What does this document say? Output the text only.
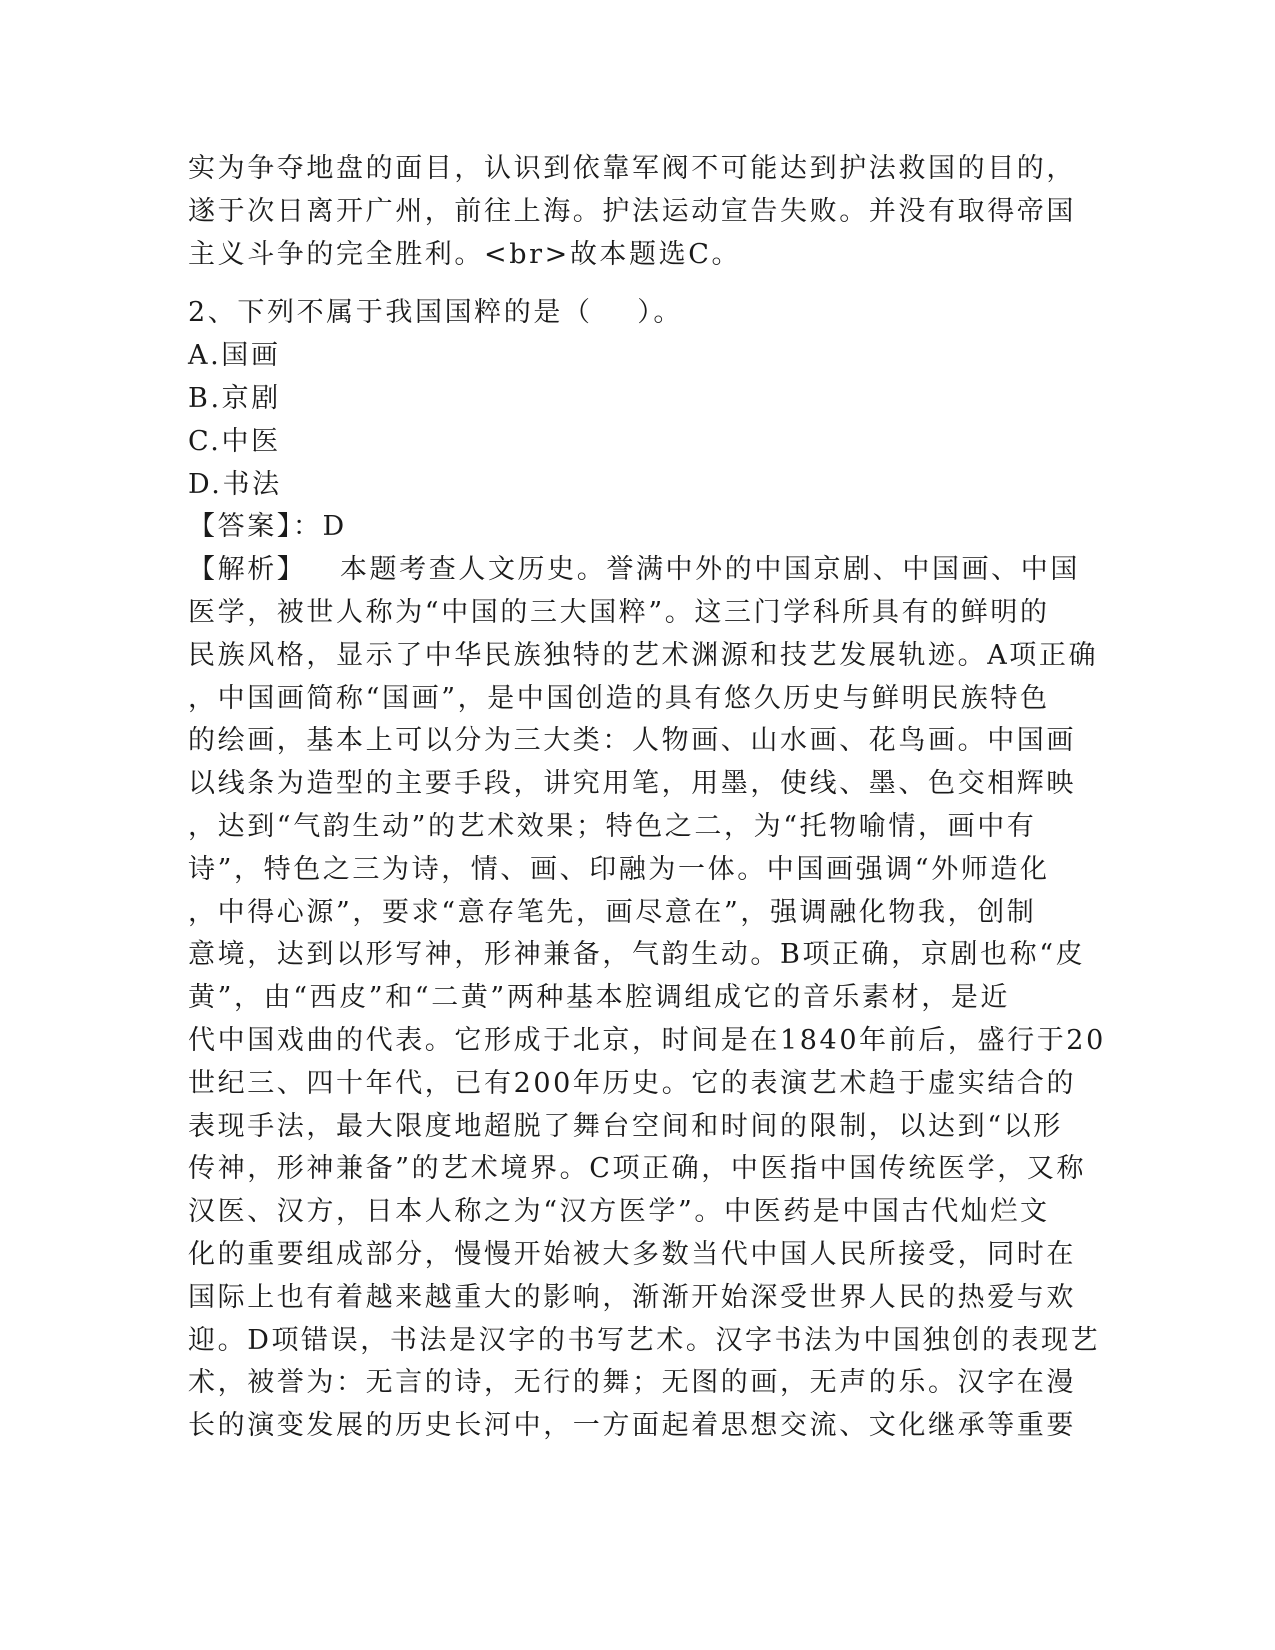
实为争夺地盘的面目，认识到依靠军阀不可能达到护法救国的目的，
遂于次日离开广州，前往上海。护法运动宣告失败。并没有取得帝国
主义斗争的完全胜利。<br>故本题选C。
2、下列不属于我国国粹的是（    ）。
A.国画
B.京剧
C.中医
D.书法
【答案】：D
【解析】   本题考查人文历史。誉满中外的中国京剧、中国画、中国
医学，被世人称为“中国的三大国粹”。这三门学科所具有的鲜明的
民族风格，显示了中华民族独特的艺术渊源和技艺发展轨迹。A项正确
，中国画简称“国画”，是中国创造的具有悠久历史与鲜明民族特色
的绘画，基本上可以分为三大类：人物画、山水画、花鸟画。中国画
以线条为造型的主要手段，讲究用笔，用墨，使线、墨、色交相辉映
，达到“气韵生动”的艺术效果；特色之二，为“托物喻情，画中有
诗”，特色之三为诗，情、画、印融为一体。中国画强调“外师造化
，中得心源”，要求“意存笔先，画尽意在”，强调融化物我，创制
意境，达到以形写神，形神兼备，气韵生动。B项正确，京剧也称“皮
黄”，由“西皮”和“二黄”两种基本腔调组成它的音乐素材，是近
代中国戏曲的代表。它形成于北京，时间是在1840年前后，盛行于20
世纪三、四十年代，已有200年历史。它的表演艺术趋于虚实结合的
表现手法，最大限度地超脱了舞台空间和时间的限制，以达到“以形
传神，形神兼备”的艺术境界。C项正确，中医指中国传统医学，又称
汉医、汉方，日本人称之为“汉方医学”。中医药是中国古代灿烂文
化的重要组成部分，慢慢开始被大多数当代中国人民所接受，同时在
国际上也有着越来越重大的影响，渐渐开始深受世界人民的热爱与欢
迎。D项错误，书法是汉字的书写艺术。汉字书法为中国独创的表现艺
术，被誉为：无言的诗，无行的舞；无图的画，无声的乐。汉字在漫
长的演变发展的历史长河中，一方面起着思想交流、文化继承等重要
